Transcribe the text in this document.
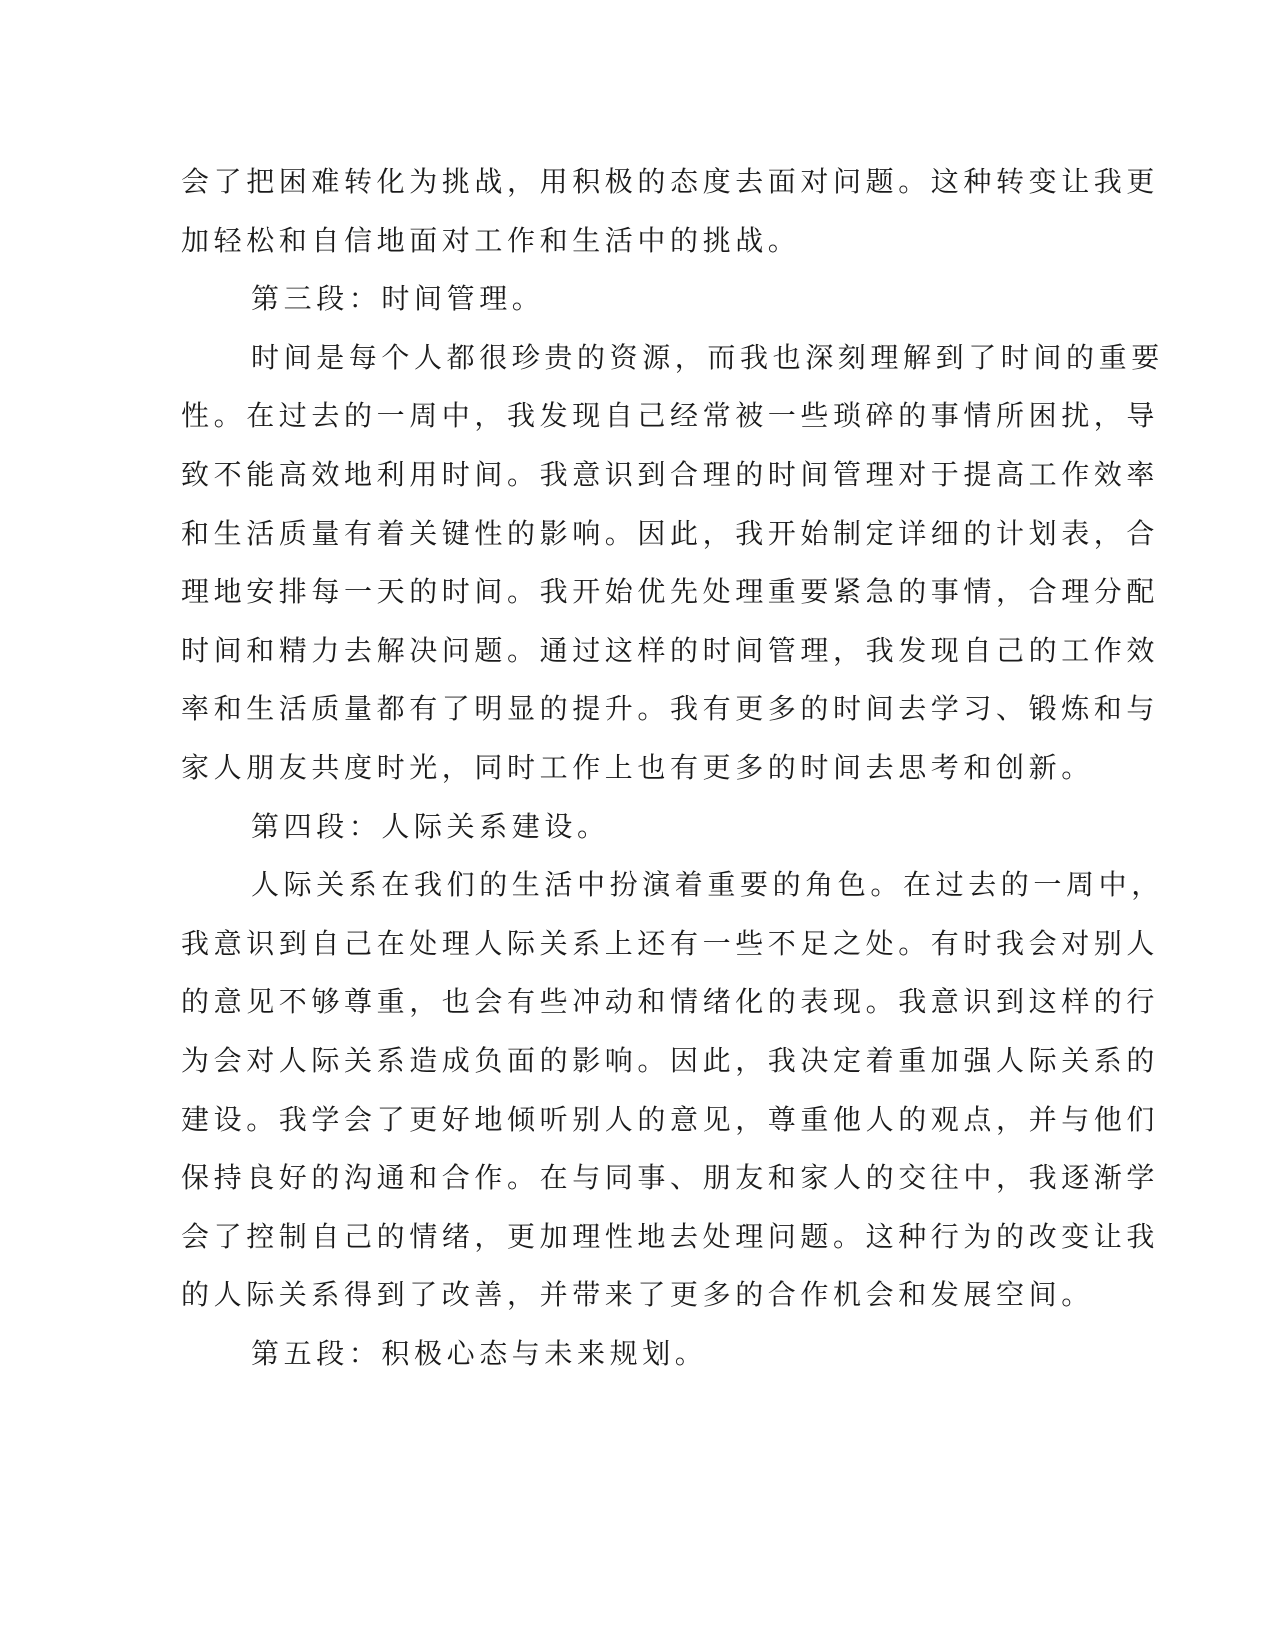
会了把困难转化为挑战，用积极的态度去面对问题。这种转变让我更
加轻松和自信地面对工作和生活中的挑战。
第三段：时间管理。
时间是每个人都很珍贵的资源，而我也深刻理解到了时间的重要
性。在过去的一周中，我发现自己经常被一些琐碎的事情所困扰，导
致不能高效地利用时间。我意识到合理的时间管理对于提高工作效率
和生活质量有着关键性的影响。因此，我开始制定详细的计划表，合
理地安排每一天的时间。我开始优先处理重要紧急的事情，合理分配
时间和精力去解决问题。通过这样的时间管理，我发现自己的工作效
率和生活质量都有了明显的提升。我有更多的时间去学习、锻炼和与
家人朋友共度时光，同时工作上也有更多的时间去思考和创新。
第四段：人际关系建设。
人际关系在我们的生活中扮演着重要的角色。在过去的一周中，
我意识到自己在处理人际关系上还有一些不足之处。有时我会对别人
的意见不够尊重，也会有些冲动和情绪化的表现。我意识到这样的行
为会对人际关系造成负面的影响。因此，我决定着重加强人际关系的
建设。我学会了更好地倾听别人的意见，尊重他人的观点，并与他们
保持良好的沟通和合作。在与同事、朋友和家人的交往中，我逐渐学
会了控制自己的情绪，更加理性地去处理问题。这种行为的改变让我
的人际关系得到了改善，并带来了更多的合作机会和发展空间。
第五段：积极心态与未来规划。
